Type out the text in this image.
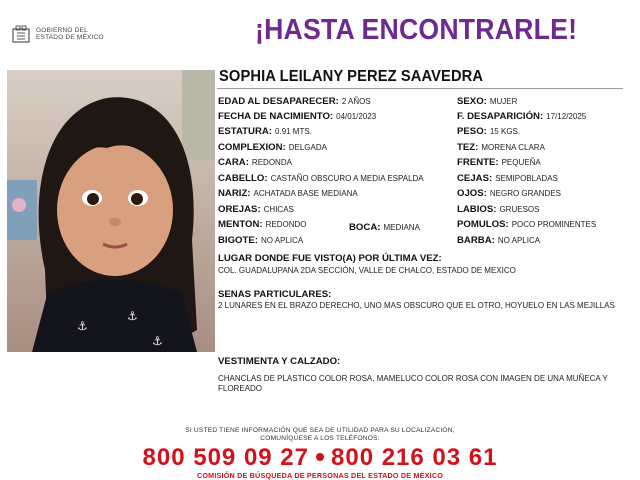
GOBIERNO DEL
ESTADO DE MÉXICO	¡HASTA ENCONTRARLE!
⚓
⚓
⚓
SOPHIA LEILANY PEREZ SAAVEDRA
EDAD AL DESAPARECER: 2 AÑOS	SEXO: MUJER
FECHA DE NACIMIENTO: 04/01/2023	F. DESAPARICIÓN: 17/12/2025
ESTATURA: 0.91 MTS.	PESO: 15 KGS.
COMPLEXION: DELGADA	TEZ: MORENA CLARA
CARA: REDONDA	FRENTE: PEQUEÑA
CABELLO: CASTAÑO OBSCURO A MEDIA ESPALDA	CEJAS: SEMIPOBLADAS
NARIZ: ACHATADA BASE MEDIANA	OJOS: NEGRO GRANDES
OREJAS: CHICAS	LABIOS: GRUESOS
MENTON: REDONDO	BOCA: MEDIANA	POMULOS: POCO PROMINENTES
BIGOTE: NO APLICA	BARBA: NO APLICA
LUGAR DONDE FUE VISTO(A) POR ÚLTIMA VEZ:
COL. GUADALUPANA 2DA SECCIÓN, VALLE DE CHALCO, ESTADO DE MEXICO
SENAS PARTICULARES:
2 LUNARES EN EL BRAZO DERECHO, UNO MAS OBSCURO QUE EL OTRO, HOYUELO EN LAS MEJILLAS
VESTIMENTA Y CALZADO:
CHANCLAS DE PLASTICO COLOR ROSA, MAMELUCO COLOR ROSA CON IMAGEN DE UNA MUÑECA Y FLOREADO
SI USTED TIENE INFORMACIÓN QUE SEA DE UTILIDAD PARA SU LOCALIZACIÓN,
COMUNÍQUESE A LOS TELÉFONOS:
800 509 09 27 800 216 03 61
COMISIÓN DE BÚSQUEDA DE PERSONAS DEL ESTADO DE MÉXICO
